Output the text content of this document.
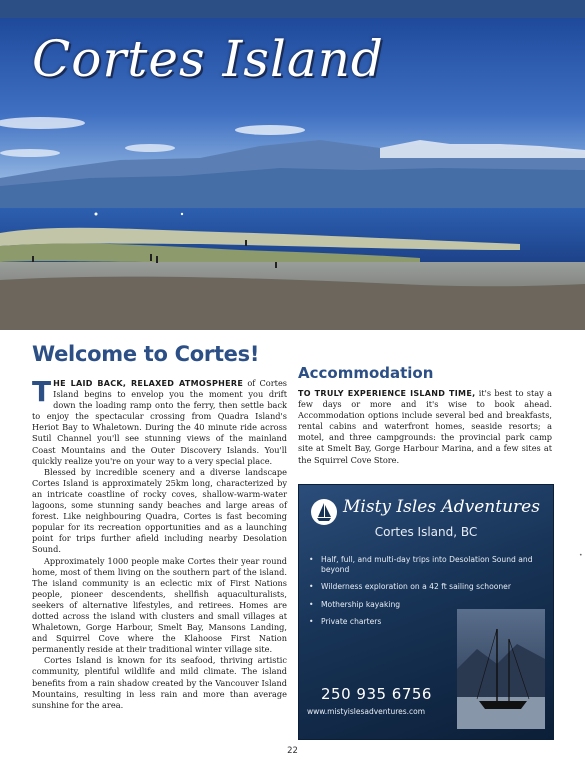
Cortes Island
Welcome to Cortes!

THE LAID BACK, RELAXED ATMOSPHERE of Cortes Island begins to envelop you the moment you drift down the loading ramp onto the ferry, then settle back to enjoy the spectacular crossing from Quadra Island's Heriot Bay to Whaletown. During the 40 minute ride across Sutil Channel you'll see stunning views of the mainland Coast Mountains and the Outer Discovery Islands. You'll quickly realize you're on your way to a very special place.

Blessed by incredible scenery and a diverse landscape Cortes Island is approximately 25km long, characterized by an intricate coastline of rocky coves, shallow-warm-water lagoons, some stunning sandy beaches and large areas of forest. Like neighbouring Quadra, Cortes is fast becoming popular for its recreation opportunities and as a launching point for trips further afield including nearby Desolation Sound.

Approximately 1000 people make Cortes their year round home, most of them living on the southern part of the island. The island community is an eclectic mix of First Nations people, pioneer descendents, shellfish aquaculturalists, seekers of alternative lifestyles, and retirees. Homes are dotted across the island with clusters and small villages at Whaletown, Gorge Harbour, Smelt Bay, Mansons Landing, and Squirrel Cove where the Klahoose First Nation permanently reside at their traditional winter village site.

Cortes Island is known for its seafood, thriving artistic community, plentiful wildlife and mild climate. The island benefits from a rain shadow created by the Vancouver Island Mountains, resulting in less rain and more than average sunshine for the area.

Accommodation

TO TRULY EXPERIENCE ISLAND TIME, it's best to stay a few days or more and it's wise to book ahead. Accommodation options include several bed and breakfasts, rental cabins and waterfront homes, seaside resorts; a motel, and three campgrounds: the provincial park camp site at Smelt Bay, Gorge Harbour Marina, and a few sites at the Squirrel Cove Store.

Misty Isles Adventures
Cortes Island, BC
• Half, full, and multi-day trips into Desolation Sound and beyond
• Wilderness exploration on a 42 ft sailing schooner
• Mothership kayaking
• Private charters
250 935 6756
www.mistyislesadventures.com
22
•
